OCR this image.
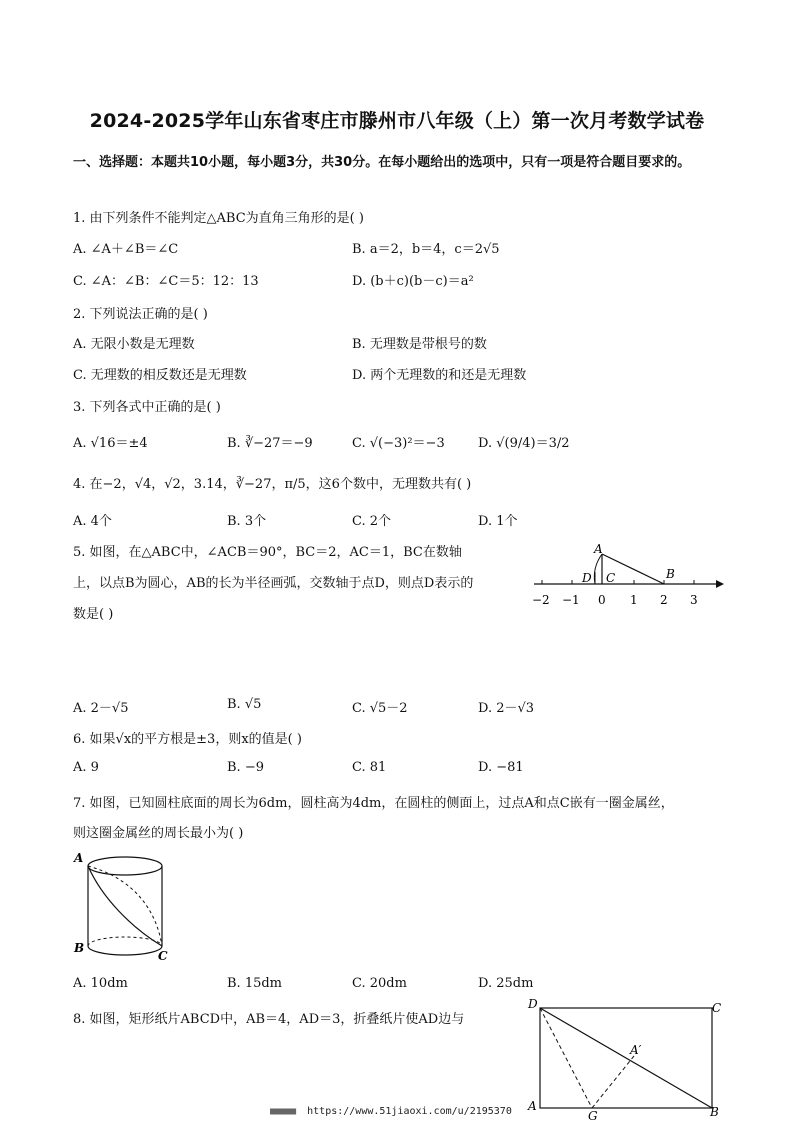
2024-2025学年山东省枣庄市滕州市八年级（上）第一次月考数学试卷
一、选择题：本题共10小题，每小题3分，共30分。在每小题给出的选项中，只有一项是符合题目要求的。
1. 由下列条件不能判定△ABC为直角三角形的是( )
A. ∠A＋∠B＝∠C	B. a＝2，b＝4，c＝2√5
C. ∠A：∠B：∠C＝5：12：13	D. (b＋c)(b－c)＝a²
2. 下列说法正确的是( )
A. 无限小数是无理数	B. 无理数是带根号的数
C. 无理数的相反数还是无理数	D. 两个无理数的和还是无理数
3. 下列各式中正确的是( )
A. √16＝±4	B. ∛−27＝−9	C. √(−3)²＝−3	D. √(9/4)＝3/2
4. 在−2，√4，√2，3.14，∛−27，π/5，这6个数中，无理数共有( )
A. 4个	B. 3个	C. 2个	D. 1个
5. 如图，在△ABC中，∠ACB＝90°，BC＝2，AC＝1，BC在数轴
上，以点B为圆心，AB的长为半径画弧，交数轴于点D，则点D表示的
数是( )
A
D C	B
−2 −1 0 1 2 3
A. 2－√5	B. √5	C. √5－2	D. 2－√3
6. 如果√x的平方根是±3，则x的值是( )
A. 9	B. −9	C. 81	D. −81
7. 如图，已知圆柱底面的周长为6dm，圆柱高为4dm，在圆柱的侧面上，过点A和点C嵌有一圈金属丝，
则这圈金属丝的周长最小为( )
A
B
C
A. 10dm	B. 15dm	C. 20dm	D. 25dm
8. 如图，矩形纸片ABCD中，AB＝4，AD＝3，折叠纸片使AD边与
D	C
A′
A
G	B
■■■■■ https://www.51jiaoxi.com/u/2195370
